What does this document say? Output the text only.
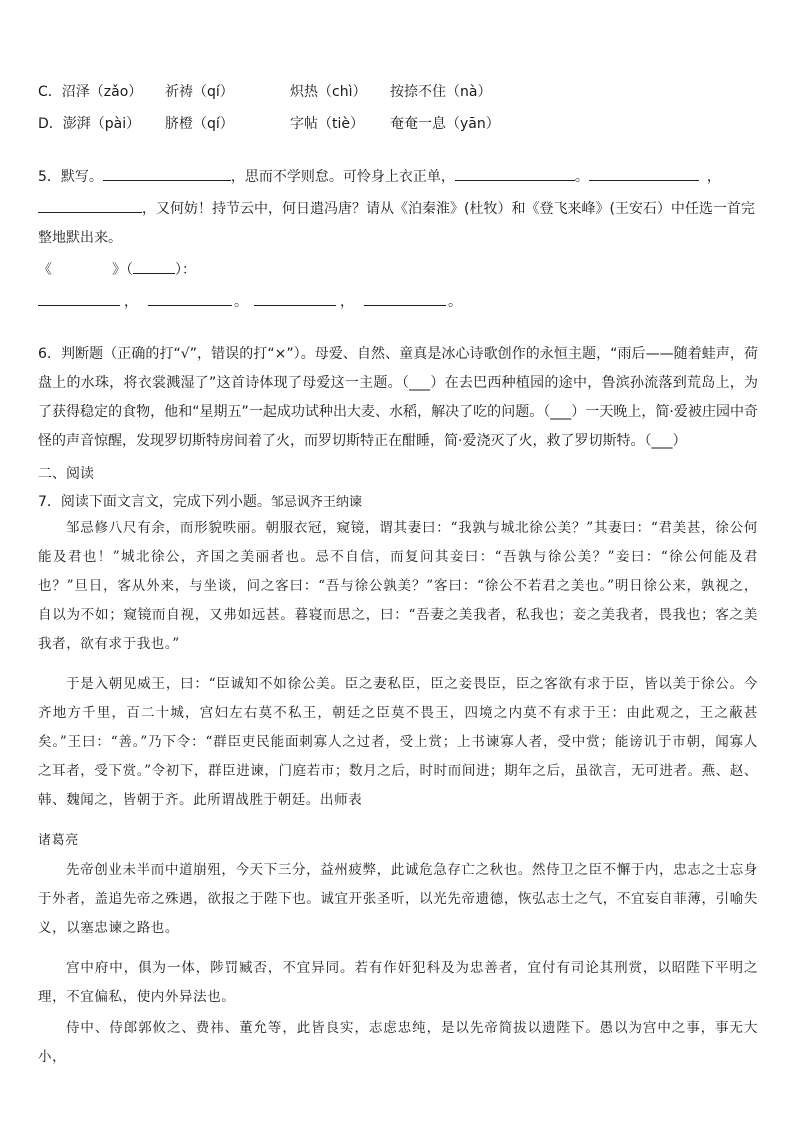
C．沼泽（zǎo） 祈祷（qí）	炽热（chì） 按捺不住（nà）
D．澎湃（pài） 脐橙（qí）	字帖（tiè） 奄奄一息（yān）
5．默写。	，思而不学则怠。可怜身上衣正单，	。	，
，又何妨！持节云中，何日遣冯唐？请从《泊秦淮》(杜牧）和《登飞来峰》(王安石）中任选一首完
整地默出来。
《	》（	）：
，	。	，	。
6．判断题（正确的打“√”，错误的打“×”）。母爱、自然、童真是冰心诗歌创作的永恒主题，“雨后——随着蛙声，荷盘上的水珠，将衣裳溅湿了”这首诗体现了母爱这一主题。（___）在去巴西种植园的途中，鲁滨孙流落到荒岛上，为了获得稳定的食物，他和“星期五”一起成功试种出大麦、水稻，解决了吃的问题。（___）一天晚上，简·爱被庄园中奇怪的声音惊醒，发现罗切斯特房间着了火，而罗切斯特正在酣睡，简·爱浇灭了火，救了罗切斯特。（___）
二、阅读
7．阅读下面文言文，完成下列小题。邹忌讽齐王纳谏
邹忌修八尺有余，而形貌昳丽。朝服衣冠，窥镜，谓其妻曰：“我孰与城北徐公美？”其妻曰：“君美甚，徐公何能及君也！”城北徐公，齐国之美丽者也。忌不自信，而复问其妾曰：“吾孰与徐公美？”妾曰：“徐公何能及君也？”旦日，客从外来，与坐谈，问之客曰：“吾与徐公孰美？”客曰：“徐公不若君之美也。”明日徐公来，孰视之，自以为不如；窥镜而自视，又弗如远甚。暮寝而思之，曰：“吾妻之美我者，私我也；妾之美我者，畏我也；客之美我者，欲有求于我也。”
于是入朝见威王，曰：“臣诚知不如徐公美。臣之妻私臣，臣之妾畏臣，臣之客欲有求于臣，皆以美于徐公。今齐地方千里，百二十城，宫妇左右莫不私王，朝廷之臣莫不畏王，四境之内莫不有求于王：由此观之，王之蔽甚矣。”王曰：“善。”乃下令：“群臣吏民能面刺寡人之过者，受上赏；上书谏寡人者，受中赏；能谤讥于市朝，闻寡人之耳者，受下赏。”令初下，群臣进谏，门庭若市；数月之后，时时而间进；期年之后，虽欲言，无可进者。燕、赵、韩、魏闻之，皆朝于齐。此所谓战胜于朝廷。出师表
诸葛亮
先帝创业未半而中道崩殂，今天下三分，益州疲弊，此诚危急存亡之秋也。然侍卫之臣不懈于内，忠志之士忘身于外者，盖追先帝之殊遇，欲报之于陛下也。诚宜开张圣听，以光先帝遗德，恢弘志士之气，不宜妄自菲薄，引喻失义，以塞忠谏之路也。
宫中府中，俱为一体，陟罚臧否，不宜异同。若有作奸犯科及为忠善者，宜付有司论其刑赏，以昭陛下平明之理，不宜偏私，使内外异法也。
侍中、侍郎郭攸之、费祎、董允等，此皆良实，志虑忠纯，是以先帝简拔以遗陛下。愚以为宫中之事，事无大小，
